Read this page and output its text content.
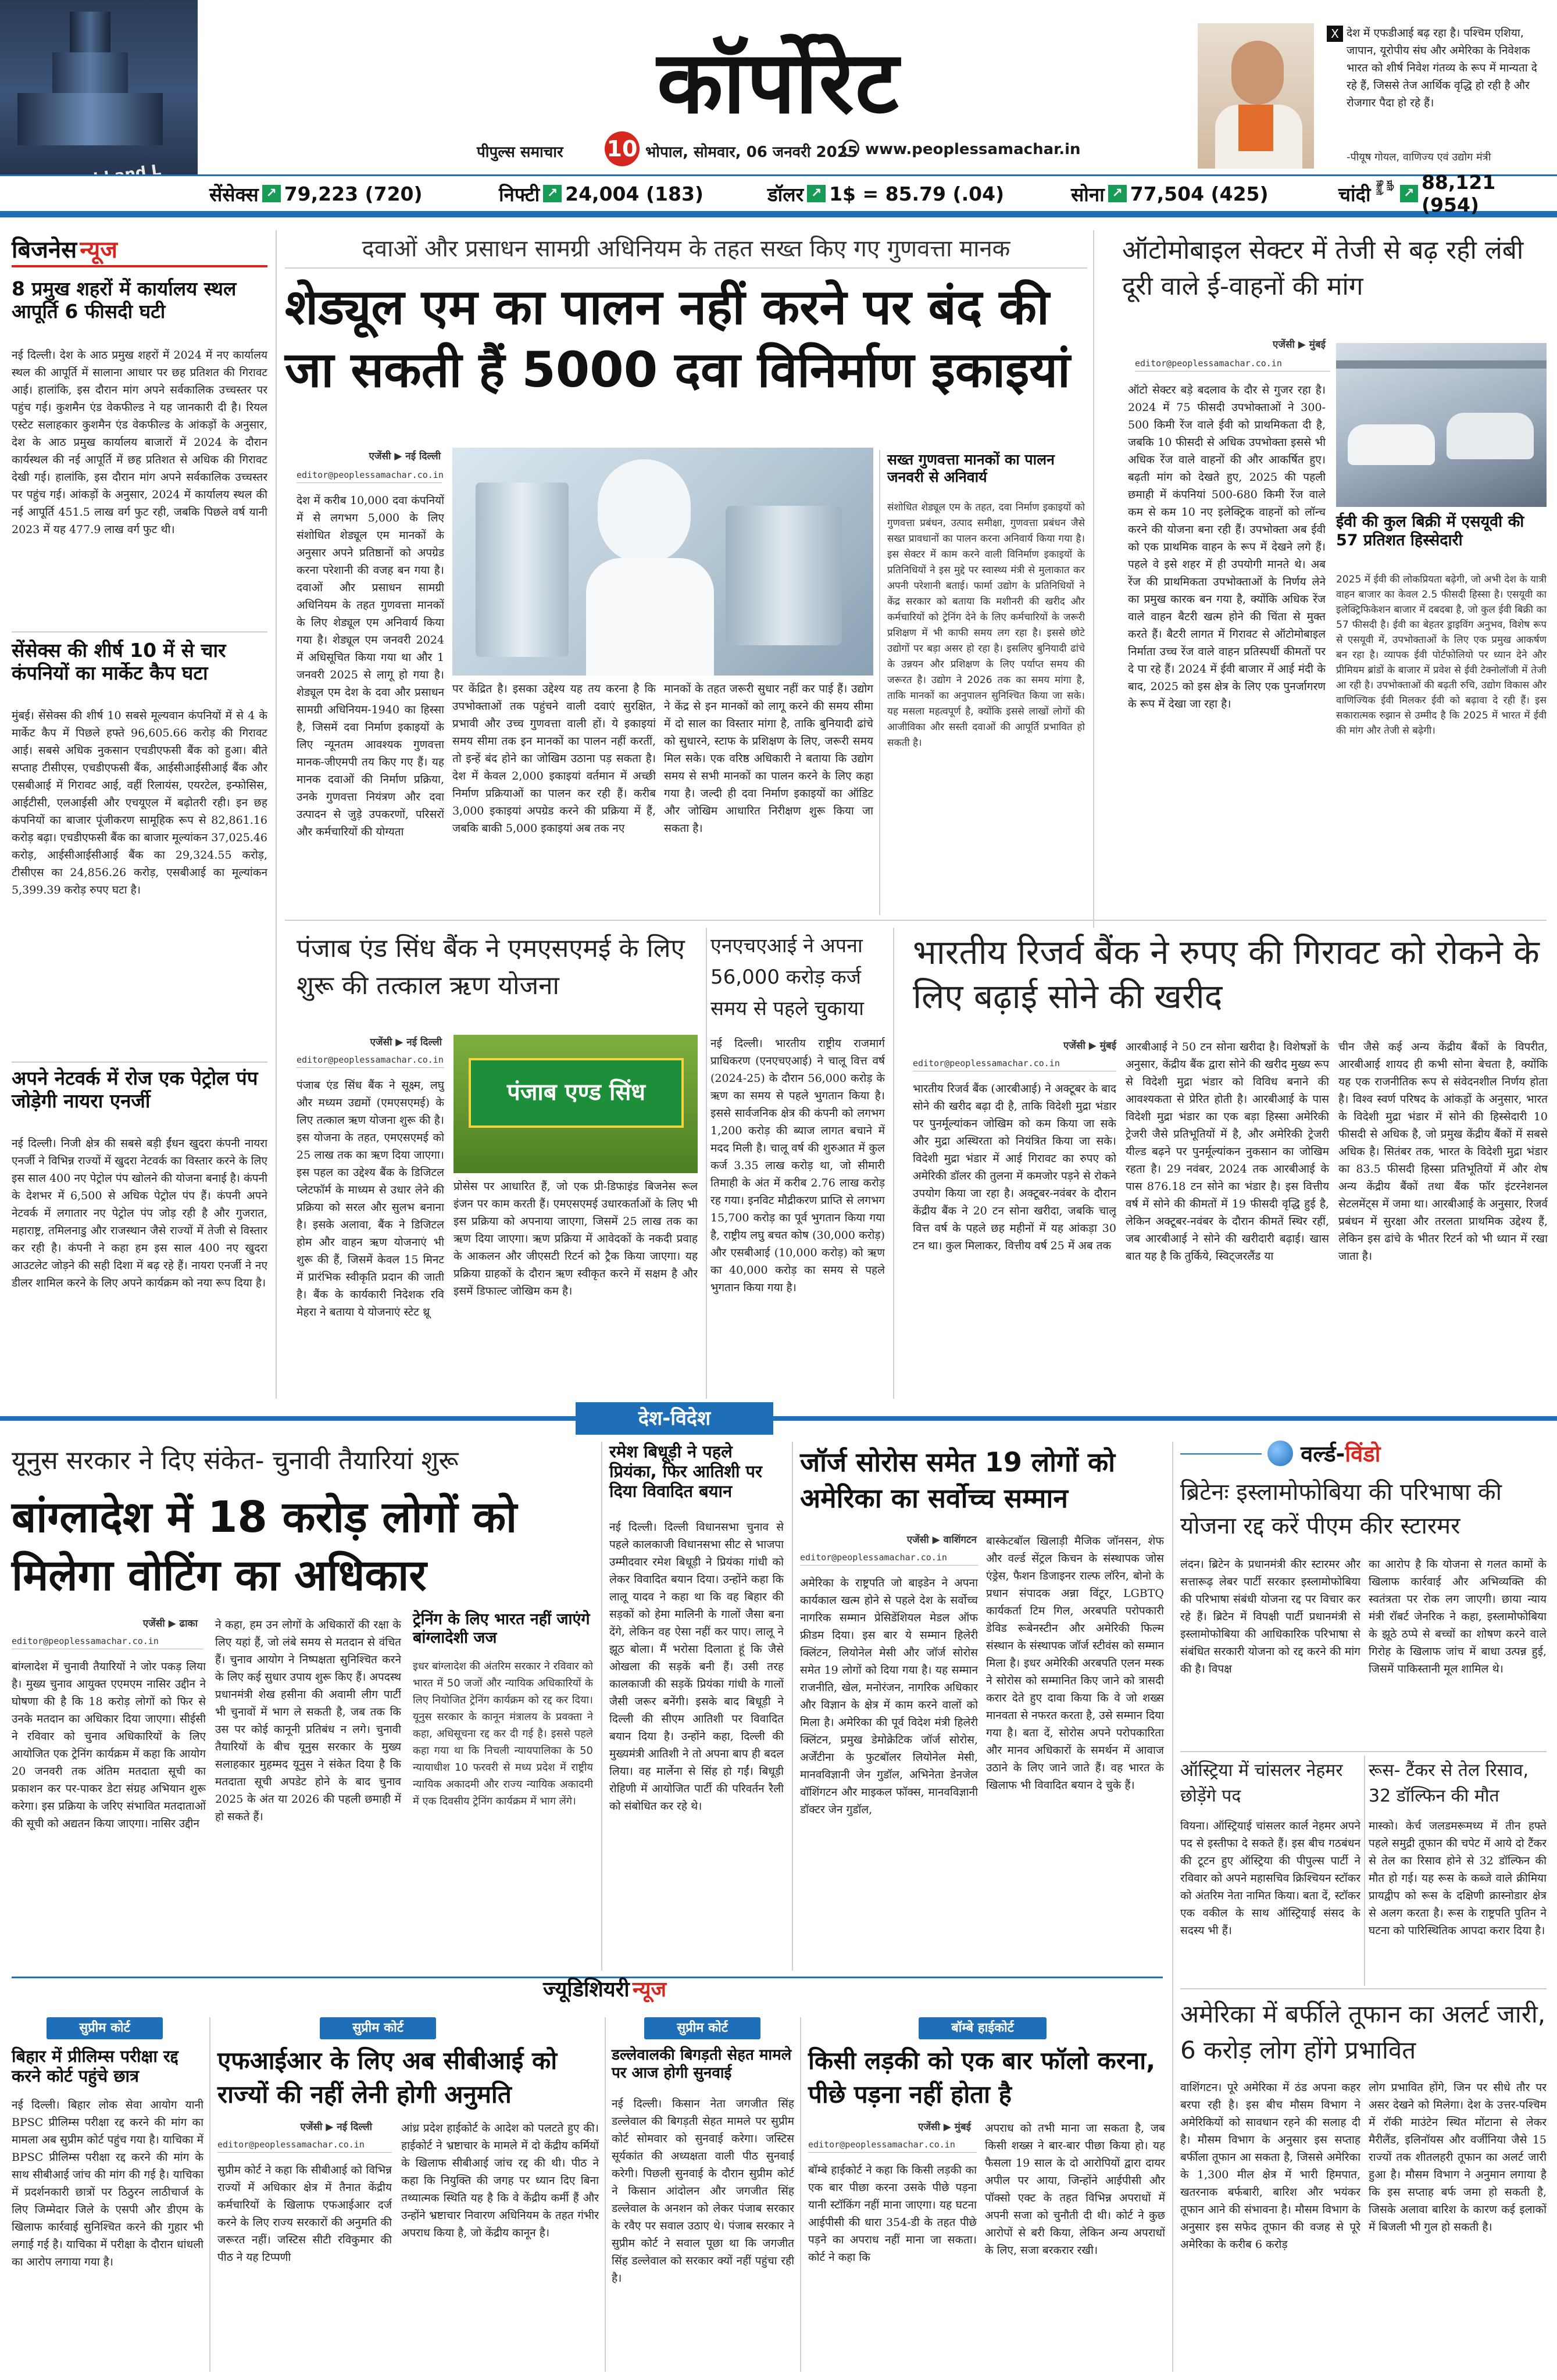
कॉर्पोरेट
पीपुल्स समाचार 10 भोपाल, सोमवार, 06 जनवरी 2025 www.peoplessamachar.in
X देश में एफडीआई बढ़ रहा है। पश्चिम एशिया, जापान, यूरोपीय संघ और अमेरिका के निवेशक भारत को शीर्ष निवेश गंतव्य के रूप में मान्यता दे रहे हैं, जिससे तेज आर्थिक वृद्धि हो रही है और रोजगार पैदा हो रहे हैं।
-पीयूष गोयल, वाणिज्य एवं उद्योग मंत्री
सेंसेक्स ↗ 79,223 (720)	निफ्टी ↗ 24,004 (183)	डॉलर ↗ 1$ = 85.79 (.04)	सोना ↗ 77,504 (425)	चांदी	प्रति किलो	↗ 88,121 (954)
बिजनेस न्यूज
8 प्रमुख शहरों में कार्यालय स्थल आपूर्ति 6 फीसदी घटी
नई दिल्ली। देश के आठ प्रमुख शहरों में 2024 में नए कार्यालय स्थल की आपूर्ति में सालाना आधार पर छह प्रतिशत की गिरावट आई। हालांकि, इस दौरान मांग अपने सर्वकालिक उच्चस्तर पर पहुंच गई। कुशमैन एंड वेकफील्ड ने यह जानकारी दी है। रियल एस्टेट सलाहकार कुशमैन एंड वेकफील्ड के आंकड़ों के अनुसार, देश के आठ प्रमुख कार्यालय बाजारों में 2024 के दौरान कार्यस्थल की नई आपूर्ति में छह प्रतिशत से अधिक की गिरावट देखी गई। हालांकि, इस दौरान मांग अपने सर्वकालिक उच्चस्तर पर पहुंच गई। आंकड़ों के अनुसार, 2024 में कार्यालय स्थल की नई आपूर्ति 451.5 लाख वर्ग फुट रही, जबकि पिछले वर्ष यानी 2023 में यह 477.9 लाख वर्ग फुट थी।
सेंसेक्स की शीर्ष 10 में से चार कंपनियों का मार्केट कैप घटा
मुंबई। सेंसेक्स की शीर्ष 10 सबसे मूल्यवान कंपनियों में से 4 के मार्केट कैप में पिछले हफ्ते 96,605.66 करोड़ की गिरावट आई। सबसे अधिक नुकसान एचडीएफसी बैंक को हुआ। बीते सप्ताह टीसीएस, एचडीएफसी बैंक, आईसीआईसीआई बैंक और एसबीआई में गिरावट आई, वहीं रिलायंस, एयरटेल, इन्फोसिस, आईटीसी, एलआईसी और एचयूएल में बढ़ोतरी रही। इन छह कंपनियों का बाजार पूंजीकरण सामूहिक रूप से 82,861.16 करोड़ बढ़ा। एचडीएफसी बैंक का बाजार मूल्यांकन 37,025.46 करोड़, आईसीआईसीआई बैंक का 29,324.55 करोड़, टीसीएस का 24,856.26 करोड़, एसबीआई का मूल्यांकन 5,399.39 करोड़ रुपए घटा है।
अपने नेटवर्क में रोज एक पेट्रोल पंप जोड़ेगी नायरा एनर्जी
नई दिल्ली। निजी क्षेत्र की सबसे बड़ी ईंधन खुदरा कंपनी नायरा एनर्जी ने विभिन्न राज्यों में खुदरा नेटवर्क का विस्तार करने के लिए इस साल 400 नए पेट्रोल पंप खोलने की योजना बनाई है। कंपनी के देशभर में 6,500 से अधिक पेट्रोल पंप हैं। कंपनी अपने नेटवर्क में लगातार नए पेट्रोल पंप जोड़ रही है और गुजरात, महाराष्ट्र, तमिलनाडु और राजस्थान जैसे राज्यों में तेजी से विस्तार कर रही है। कंपनी ने कहा हम इस साल 400 नए खुदरा आउटलेट जोड़ने की सही दिशा में बढ़ रहे हैं। नायरा एनर्जी ने नए डीलर शामिल करने के लिए अपने कार्यक्रम को नया रूप दिया है।
दवाओं और प्रसाधन सामग्री अधिनियम के तहत सख्त किए गए गुणवत्ता मानक
शेड्यूल एम का पालन नहीं करने पर बंद की जा सकती हैं 5000 दवा विनिर्माण इकाइयां
एजेंसी ▶ नई दिल्ली
editor@peoplessamachar.co.in
देश में करीब 10,000 दवा कंपनियों में से लगभग 5,000 के लिए संशोधित शेड्यूल एम मानकों के अनुसार अपने प्रतिष्ठानों को अपग्रेड करना परेशानी की वजह बन गया है। दवाओं और प्रसाधन सामग्री अधिनियम के तहत गुणवत्ता मानकों के लिए शेड्यूल एम अनिवार्य किया गया है। शेड्यूल एम जनवरी 2024 में अधिसूचित किया गया था और 1 जनवरी 2025 से लागू हो गया है। शेड्यूल एम देश के दवा और प्रसाधन सामग्री अधिनियम-1940 का हिस्सा है, जिसमें दवा निर्माण इकाइयों के लिए न्यूनतम आवश्यक गुणवत्ता मानक-जीएमपी तय किए गए हैं। यह मानक दवाओं की निर्माण प्रक्रिया, उनके गुणवत्ता नियंत्रण और दवा उत्पादन से जुड़े उपकरणों, परिसरों और कर्मचारियों की योग्यता
पर केंद्रित है। इसका उद्देश्य यह तय करना है कि उपभोक्ताओं तक पहुंचने वाली दवाएं सुरक्षित, प्रभावी और उच्च गुणवत्ता वाली हों। ये इकाइयां समय सीमा तक इन मानकों का पालन नहीं करतीं, तो इन्हें बंद होने का जोखिम उठाना पड़ सकता है। देश में केवल 2,000 इकाइयां वर्तमान में अच्छी निर्माण प्रक्रियाओं का पालन कर रही हैं। करीब 3,000 इकाइयां अपग्रेड करने की प्रक्रिया में हैं, जबकि बाकी 5,000 इकाइयां अब तक नए
मानकों के तहत जरूरी सुधार नहीं कर पाई हैं। उद्योग ने केंद्र से इन मानकों को लागू करने की समय सीमा में दो साल का विस्तार मांगा है, ताकि बुनियादी ढांचे को सुधारने, स्टाफ के प्रशिक्षण के लिए, जरूरी समय मिल सके। एक वरिष्ठ अधिकारी ने बताया कि उद्योग समय से सभी मानकों का पालन करने के लिए कहा गया है। जल्दी ही दवा निर्माण इकाइयों का ऑडिट और जोखिम आधारित निरीक्षण शुरू किया जा सकता है।
सख्त गुणवत्ता मानकों का पालन जनवरी से अनिवार्य
संशोधित शेड्यूल एम के तहत, दवा निर्माण इकाइयों को गुणवत्ता प्रबंधन, उत्पाद समीक्षा, गुणवत्ता प्रबंधन जैसे सख्त प्रावधानों का पालन करना अनिवार्य किया गया है। इस सेक्टर में काम करने वाली विनिर्माण इकाइयों के प्रतिनिधियों ने इस मुद्दे पर स्वास्थ्य मंत्री से मुलाकात कर अपनी परेशानी बताई। फार्मा उद्योग के प्रतिनिधियों ने केंद्र सरकार को बताया कि मशीनरी की खरीद और कर्मचारियों को ट्रेनिंग देने के लिए कर्मचारियों के जरूरी प्रशिक्षण में भी काफी समय लग रहा है। इससे छोटे उद्योगों पर बड़ा असर हो रहा है। इसलिए बुनियादी ढांचे के उन्नयन और प्रशिक्षण के लिए पर्याप्त समय की जरूरत है। उद्योग ने 2026 तक का समय मांगा है, ताकि मानकों का अनुपालन सुनिश्चित किया जा सके। यह मसला महत्वपूर्ण है, क्योंकि इससे लाखों लोगों की आजीविका और सस्ती दवाओं की आपूर्ति प्रभावित हो सकती है।
ऑटोमोबाइल सेक्टर में तेजी से बढ़ रही लंबी दूरी वाले ई-वाहनों की मांग
एजेंसी ▶ मुंबई
editor@peoplessamachar.co.in
ऑटो सेक्टर बड़े बदलाव के दौर से गुजर रहा है। 2024 में 75 फीसदी उपभोक्ताओं ने 300-500 किमी रेंज वाले ईवी को प्राथमिकता दी है, जबकि 10 फीसदी से अधिक उपभोक्ता इससे भी अधिक रेंज वाले वाहनों की और आकर्षित हुए। बढ़ती मांग को देखते हुए, 2025 की पहली छमाही में कंपनियां 500-680 किमी रेंज वाले कम से कम 10 नए इलेक्ट्रिक वाहनों को लॉन्च करने की योजना बना रही हैं। उपभोक्ता अब ईवी को एक प्राथमिक वाहन के रूप में देखने लगे हैं। पहले वे इसे शहर में ही उपयोगी मानते थे। अब रेंज की प्राथमिकता उपभोक्ताओं के निर्णय लेने का प्रमुख कारक बन गया है, क्योंकि अधिक रेंज वाले वाहन बैटरी खत्म होने की चिंता से मुक्त करते हैं। बैटरी लागत में गिरावट से ऑटोमोबाइल निर्माता उच्च रेंज वाले वाहन प्रतिस्पर्धी कीमतों पर दे पा रहे हैं। 2024 में ईवी बाजार में आई मंदी के बाद, 2025 को इस क्षेत्र के लिए एक पुनर्जागरण के रूप में देखा जा रहा है।
ईवी की कुल बिक्री में एसयूवी की 57 प्रतिशत हिस्सेदारी
2025 में ईवी की लोकप्रियता बढ़ेगी, जो अभी देश के यात्री वाहन बाजार का केवल 2.5 फीसदी हिस्सा है। एसयूवी का इलेक्ट्रिफिकेशन बाजार में दबदबा है, जो कुल ईवी बिक्री का 57 फीसदी है। ईवी का बेहतर ड्राइविंग अनुभव, विशेष रूप से एसयूवी में, उपभोक्ताओं के लिए एक प्रमुख आकर्षण बन रहा है। व्यापक ईवी पोर्टफोलियो पर ध्यान देने और प्रीमियम ब्रांडों के बाजार में प्रवेश से ईवी टेक्नोलॉजी में तेजी आ रही है। उपभोक्ताओं की बढ़ती रुचि, उद्योग विकास और वाणिज्यिक ईवी मिलकर ईवी को बढ़ावा दे रही हैं। इस सकारात्मक रुझान से उम्मीद है कि 2025 में भारत में ईवी की मांग और तेजी से बढ़ेगी।
पंजाब एंड सिंध बैंक ने एमएसएमई के लिए शुरू की तत्काल ऋण योजना
एजेंसी ▶ नई दिल्ली
editor@peoplessamachar.co.in
पंजाब एंड सिंध बैंक ने सूक्ष्म, लघु और मध्यम उद्यमों (एमएसएमई) के लिए तत्काल ऋण योजना शुरू की है। इस योजना के तहत, एमएसएमई को 25 लाख तक का ऋण दिया जाएगा। इस पहल का उद्देश्य बैंक के डिजिटल प्लेटफॉर्म के माध्यम से उधार लेने की प्रक्रिया को सरल और सुलभ बनाना है। इसके अलावा, बैंक ने डिजिटल होम और वाहन ऋण योजनाएं भी शुरू की हैं, जिसमें केवल 15 मिनट में प्रारंभिक स्वीकृति प्रदान की जाती है। बैंक के कार्यकारी निदेशक रवि मेहरा ने बताया ये योजनाएं स्टेट थ्रू
पंजाब एण्ड सिंध
प्रोसेस पर आधारित हैं, जो एक प्री-डिफाइंड बिजनेस रूल इंजन पर काम करती हैं। एमएसएमई उधारकर्ताओं के लिए भी इस प्रक्रिया को अपनाया जाएगा, जिसमें 25 लाख तक का ऋण दिया जाएगा। ऋण प्रक्रिया में आवेदकों के नकदी प्रवाह के आकलन और जीएसटी रिटर्न को ट्रैक किया जाएगा। यह प्रक्रिया ग्राहकों के दौरान ऋण स्वीकृत करने में सक्षम है और इसमें डिफाल्ट जोखिम कम है।
एनएचएआई ने अपना 56,000 करोड़ कर्ज समय से पहले चुकाया
नई दिल्ली। भारतीय राष्ट्रीय राजमार्ग प्राधिकरण (एनएचएआई) ने चालू वित्त वर्ष (2024-25) के दौरान 56,000 करोड़ के ऋण का समय से पहले भुगतान किया है। इससे सार्वजनिक क्षेत्र की कंपनी को लगभग 1,200 करोड़ की ब्याज लागत बचाने में मदद मिली है। चालू वर्ष की शुरुआत में कुल कर्ज 3.35 लाख करोड़ था, जो सीमारी तिमाही के अंत में करीब 2.76 लाख करोड़ रह गया। इनविट मौद्रीकरण प्राप्ति से लगभग 15,700 करोड़ का पूर्व भुगतान किया गया है, राष्ट्रीय लघु बचत कोष (30,000 करोड़) और एसबीआई (10,000 करोड़) को ऋण का 40,000 करोड़ का समय से पहले भुगतान किया गया है।
भारतीय रिजर्व बैंक ने रुपए की गिरावट को रोकने के लिए बढ़ाई सोने की खरीद
एजेंसी ▶ मुंबई
editor@peoplessamachar.co.in
भारतीय रिजर्व बैंक (आरबीआई) ने अक्टूबर के बाद सोने की खरीद बढ़ा दी है, ताकि विदेशी मुद्रा भंडार पर पुनर्मूल्यांकन जोखिम को कम किया जा सके और मुद्रा अस्थिरता को नियंत्रित किया जा सके। विदेशी मुद्रा भंडार में आई गिरावट का रुपए को अमेरिकी डॉलर की तुलना में कमजोर पड़ने से रोकने उपयोग किया जा रहा है। अक्टूबर-नवंबर के दौरान केंद्रीय बैंक ने 20 टन सोना खरीदा, जबकि चालू वित्त वर्ष के पहले छह महीनों में यह आंकड़ा 30 टन था। कुल मिलाकर, वित्तीय वर्ष 25 में अब तक
आरबीआई ने 50 टन सोना खरीदा है। विशेषज्ञों के अनुसार, केंद्रीय बैंक द्वारा सोने की खरीद मुख्य रूप से विदेशी मुद्रा भंडार को विविध बनाने की आवश्यकता से प्रेरित होती है। आरबीआई के पास विदेशी मुद्रा भंडार का एक बड़ा हिस्सा अमेरिकी ट्रेजरी जैसे प्रतिभूतियों में है, और अमेरिकी ट्रेजरी यील्ड बढ़ने पर पुनर्मूल्यांकन नुकसान का जोखिम रहता है। 29 नवंबर, 2024 तक आरबीआई के पास 876.18 टन सोने का भंडार है। इस वित्तीय वर्ष में सोने की कीमतों में 19 फीसदी वृद्धि हुई है, लेकिन अक्टूबर-नवंबर के दौरान कीमतें स्थिर रहीं, जब आरबीआई ने सोने की खरीदारी बढ़ाई। खास बात यह है कि तुर्किये, स्विट्जरलैंड या
चीन जैसे कई अन्य केंद्रीय बैंकों के विपरीत, आरबीआई शायद ही कभी सोना बेचता है, क्योंकि यह एक राजनीतिक रूप से संवेदनशील निर्णय होता है। विश्व स्वर्ण परिषद के आंकड़ों के अनुसार, भारत के विदेशी मुद्रा भंडार में सोने की हिस्सेदारी 10 फीसदी से अधिक है, जो प्रमुख केंद्रीय बैंकों में सबसे अधिक है। सितंबर तक, भारत के विदेशी मुद्रा भंडार का 83.5 फीसदी हिस्सा प्रतिभूतियों में और शेष अन्य केंद्रीय बैंकों तथा बैंक फॉर इंटरनेशनल सेटलमेंट्स में जमा था। आरबीआई के अनुसार, रिजर्व प्रबंधन में सुरक्षा और तरलता प्राथमिक उद्देश्य हैं, लेकिन इस ढांचे के भीतर रिटर्न को भी ध्यान में रखा जाता है।
देश-विदेश
यूनुस सरकार ने दिए संकेत- चुनावी तैयारियां शुरू
बांग्लादेश में 18 करोड़ लोगों को मिलेगा वोटिंग का अधिकार
एजेंसी ▶ ढाका
editor@peoplessamachar.co.in
बांग्लादेश में चुनावी तैयारियों ने जोर पकड़ लिया है। मुख्य चुनाव आयुक्त एएमएम नासिर उद्दीन ने घोषणा की है कि 18 करोड़ लोगों को फिर से उनके मतदान का अधिकार दिया जाएगा। सीईसी ने रविवार को चुनाव अधिकारियों के लिए आयोजित एक ट्रेनिंग कार्यक्रम में कहा कि आयोग 20 जनवरी तक अंतिम मतदाता सूची का प्रकाशन कर पर-पाकर डेटा संग्रह अभियान शुरू करेगा। इस प्रक्रिया के जरिए संभावित मतदाताओं की सूची को अद्यतन किया जाएगा। नासिर उद्दीन
ने कहा, हम उन लोगों के अधिकारों की रक्षा के लिए यहां हैं, जो लंबे समय से मतदान से वंचित हैं। चुनाव आयोग ने निष्पक्षता सुनिश्चित करने के लिए कई सुधार उपाय शुरू किए हैं। अपदस्थ प्रधानमंत्री शेख हसीना की अवामी लीग पार्टी भी चुनावों में भाग ले सकती है, जब तक कि उस पर कोई कानूनी प्रतिबंध न लगे। चुनावी तैयारियों के बीच यूनुस सरकार के मुख्य सलाहकार मुहम्मद यूनुस ने संकेत दिया है कि मतदाता सूची अपडेट होने के बाद चुनाव 2025 के अंत या 2026 की पहली छमाही में हो सकते हैं।
ट्रेनिंग के लिए भारत नहीं जाएंगे बांग्लादेशी जज
इधर बांग्लादेश की अंतरिम सरकार ने रविवार को भारत में 50 जजों और न्यायिक अधिकारियों के लिए नियोजित ट्रेनिंग कार्यक्रम को रद्द कर दिया। यूनुस सरकार के कानून मंत्रालय के प्रवक्ता ने कहा, अधिसूचना रद्द कर दी गई है। इससे पहले कहा गया था कि निचली न्यायपालिका के 50 न्यायाधीश 10 फरवरी से मध्य प्रदेश में राष्ट्रीय न्यायिक अकादमी और राज्य न्यायिक अकादमी में एक दिवसीय ट्रेनिंग कार्यक्रम में भाग लेंगे।
रमेश बिधूड़ी ने पहले प्रियंका, फिर आतिशी पर दिया विवादित बयान
नई दिल्ली। दिल्ली विधानसभा चुनाव से पहले कालकाजी विधानसभा सीट से भाजपा उम्मीदवार रमेश बिधूड़ी ने प्रियंका गांधी को लेकर विवादित बयान दिया। उन्होंने कहा कि लालू यादव ने कहा था कि वह बिहार की सड़कों को हेमा मालिनी के गालों जैसा बना देंगे, लेकिन वह ऐसा नहीं कर पाए। लालू ने झूठ बोला। मैं भरोसा दिलाता हूं कि जैसे ओखला की सड़कें बनी हैं। उसी तरह कालकाजी की सड़कें प्रियंका गांधी के गालों जैसी जरूर बनेंगी। इसके बाद बिधूड़ी ने दिल्ली की सीएम आतिशी पर विवादित बयान दिया है। उन्होंने कहा, दिल्ली की मुख्यमंत्री आतिशी ने तो अपना बाप ही बदल लिया। वह मार्लेना से सिंह हो गईं। बिधूड़ी रोहिणी में आयोजित पार्टी की परिवर्तन रैली को संबोधित कर रहे थे।
जॉर्ज सोरोस समेत 19 लोगों को अमेरिका का सर्वोच्च सम्मान
एजेंसी ▶ वाशिंगटन
editor@peoplessamachar.co.in
अमेरिका के राष्ट्रपति जो बाइडेन ने अपना कार्यकाल खत्म होने से पहले देश के सर्वोच्च नागरिक सम्मान प्रेसिडेंशियल मेडल ऑफ फ्रीडम दिया। इस बार ये सम्मान हिलेरी क्लिंटन, लियोनेल मेसी और जॉर्ज सोरोस समेत 19 लोगों को दिया गया है। यह सम्मान राजनीति, खेल, मनोरंजन, नागरिक अधिकार और विज्ञान के क्षेत्र में काम करने वालों को मिला है। अमेरिका की पूर्व विदेश मंत्री हिलेरी क्लिंटन, प्रमुख डेमोक्रेटिक जॉर्ज सोरोस, अर्जेंटीना के फुटबॉलर लियोनेल मेसी, मानवविज्ञानी जेन गुडॉल, अभिनेता डेनजेल वॉशिंगटन और माइकल फॉक्स, मानवविज्ञानी डॉक्टर जेन गुडॉल,
बास्केटबॉल खिलाड़ी मैजिक जॉनसन, शेफ और वर्ल्ड सेंट्रल किचन के संस्थापक जोस एंड्रेस, फैशन डिजाइनर राल्फ लॉरेन, बोनो के प्रधान संपादक अन्ना विंटूर, LGBTQ कार्यकर्ता टिम गिल, अरबपति परोपकारी डेविड रूबेनस्टीन और अमेरिकी फिल्म संस्थान के संस्थापक जॉर्ज स्टीवंस को सम्मान मिला है। इधर अमेरिकी अरबपति एलन मस्क ने सोरोस को सम्मानित किए जाने को त्रासदी करार देते हुए दावा किया कि वे जो शख्स मानवता से नफरत करता है, उसे सम्मान दिया गया है। बता दें, सोरोस अपने परोपकारिता और मानव अधिकारों के समर्थन में आवाज उठाने के लिए जाने जाते हैं। वह भारत के खिलाफ भी विवादित बयान दे चुके हैं।
वर्ल्ड-विंडो
ब्रिटेनः इस्लामोफोबिया की परिभाषा की योजना रद्द करें पीएम कीर स्टारमर
लंदन। ब्रिटेन के प्रधानमंत्री कीर स्टारमर और सत्तारूढ़ लेबर पार्टी सरकार इस्लामोफोबिया की परिभाषा संबंधी योजना रद्द पर विचार कर रहे हैं। ब्रिटेन में विपक्षी पार्टी प्रधानमंत्री से इस्लामोफोबिया की आधिकारिक परिभाषा से संबंधित सरकारी योजना को रद्द करने की मांग की है। विपक्ष
का आरोप है कि योजना से गलत कामों के खिलाफ कार्रवाई और अभिव्यक्ति की स्वतंत्रता पर रोक लग जाएगी। छाया न्याय मंत्री रॉबर्ट जेनरिक ने कहा, इस्लामोफोबिया के झूठे ठप्पे से बच्चों का शोषण करने वाले गिरोह के खिलाफ जांच में बाधा उत्पन्न हुई, जिसमें पाकिस्तानी मूल शामिल थे।
ऑस्ट्रिया में चांसलर नेहमर छोड़ेंगे पद
वियना। ऑस्ट्रियाई चांसलर कार्ल नेहमर अपने पद से इस्तीफा दे सकते हैं। इस बीच गठबंधन की टूटन हुए ऑस्ट्रिया की पीपुल्स पार्टी ने रविवार को अपने महासचिव क्रिश्चियन स्टॉकर को अंतरिम नेता नामित किया। बता दें, स्टॉकर एक वकील के साथ ऑस्ट्रियाई संसद के सदस्य भी हैं।
रूस- टैंकर से तेल रिसाव, 32 डॉल्फिन की मौत
मास्को। केर्च जलडमरूमध्य में तीन हफ्ते पहले समुद्री तूफान की चपेट में आये दो टैंकर से तेल का रिसाव होने से 32 डॉल्फिन की मौत हो गई। यह रूस के कब्जे वाले क्रीमिया प्रायद्वीप को रूस के दक्षिणी क्रास्नोडार क्षेत्र से अलग करता है। रूस के राष्ट्रपति पुतिन ने घटना को पारिस्थितिक आपदा करार दिया है।
अमेरिका में बर्फीले तूफान का अलर्ट जारी, 6 करोड़ लोग होंगे प्रभावित
वाशिंगटन। पूरे अमेरिका में ठंड अपना कहर बरपा रही है। इस बीच मौसम विभाग ने अमेरिकियों को सावधान रहने की सलाह दी है। मौसम विभाग के अनुसार इस सप्ताह बर्फीला तूफान आ सकता है, जिससे अमेरिका के 1,300 मील क्षेत्र में भारी हिमपात, खतरनाक बर्फबारी, बारिश और भयंकर तूफान आने की संभावना है। मौसम विभाग के अनुसार इस सफेद तूफान की वजह से पूरे अमेरिका के करीब 6 करोड़
लोग प्रभावित होंगे, जिन पर सीधे तौर पर असर देखने को मिलेगा। देश के उत्तर-पश्चिम में रॉकी माउंटेन स्थित मोंटाना से लेकर मैरीलैंड, इलिनॉयस और वर्जीनिया जैसे 15 राज्यों तक शीतलहरी तूफान का अलर्ट जारी हुआ है। मौसम विभाग ने अनुमान लगाया है कि इस सप्ताह बर्फ जमा हो सकती है, जिसके अलावा बारिश के कारण कई इलाकों में बिजली भी गुल हो सकती है।
ज्यूडिशियरी न्यूज
सुप्रीम कोर्ट
बिहार में प्रीलिम्स परीक्षा रद्द करने कोर्ट पहुंचे छात्र
नई दिल्ली। बिहार लोक सेवा आयोग यानी BPSC प्रीलिम्स परीक्षा रद्द करने की मांग का मामला अब सुप्रीम कोर्ट पहुंच गया है। याचिका में BPSC प्रीलिम्स परीक्षा रद्द करने की मांग के साथ सीबीआई जांच की मांग की गई है। याचिका में प्रदर्शनकारी छात्रों पर ठिठुरन लाठीचार्ज के लिए जिम्मेदार जिले के एसपी और डीएम के खिलाफ कार्रवाई सुनिश्चित करने की गुहार भी लगाई गई है। याचिका में परीक्षा के दौरान धांधली का आरोप लगाया गया है।
सुप्रीम कोर्ट
एफआईआर के लिए अब सीबीआई को राज्यों की नहीं लेनी होगी अनुमति
एजेंसी ▶ नई दिल्ली
editor@peoplessamachar.co.in
सुप्रीम कोर्ट ने कहा कि सीबीआई को विभिन्न राज्यों में अधिकार क्षेत्र में तैनात केंद्रीय कर्मचारियों के खिलाफ एफआईआर दर्ज करने के लिए राज्य सरकारों की अनुमति की जरूरत नहीं। जस्टिस सीटी रविकुमार की पीठ ने यह टिप्पणी
आंध्र प्रदेश हाईकोर्ट के आदेश को पलटते हुए की। हाईकोर्ट ने भ्रष्टाचार के मामले में दो केंद्रीय कर्मियों के खिलाफ सीबीआई जांच रद्द की थी। पीठ ने कहा कि नियुक्ति की जगह पर ध्यान दिए बिना तथ्यात्मक स्थिति यह है कि वे केंद्रीय कर्मी हैं और उन्होंने भ्रष्टाचार निवारण अधिनियम के तहत गंभीर अपराध किया है, जो केंद्रीय कानून है।
सुप्रीम कोर्ट
डल्लेवालकी बिगड़ती सेहत मामले पर आज होगी सुनवाई
नई दिल्ली। किसान नेता जगजीत सिंह डल्लेवाल की बिगड़ती सेहत मामले पर सुप्रीम कोर्ट सोमवार को सुनवाई करेगा। जस्टिस सूर्यकांत की अध्यक्षता वाली पीठ सुनवाई करेगी। पिछली सुनवाई के दौरान सुप्रीम कोर्ट ने किसान आंदोलन और जगजीत सिंह डल्लेवाल के अनशन को लेकर पंजाब सरकार के रवैए पर सवाल उठाए थे। पंजाब सरकार ने सुप्रीम कोर्ट ने सवाल पूछा था कि जगजीत सिंह डल्लेवाल को सरकार क्यों नहीं पहुंचा रही है।
बॉम्बे हाईकोर्ट
किसी लड़की को एक बार फॉलो करना, पीछे पड़ना नहीं होता है
एजेंसी ▶ मुंबई
editor@peoplessamachar.co.in
बॉम्बे हाईकोर्ट ने कहा कि किसी लड़की का एक बार पीछा करना उसके पीछे पड़ना यानी स्टॉकिंग नहीं माना जाएगा। यह घटना आईपीसी की धारा 354-डी के तहत पीछे पड़ने का अपराध नहीं माना जा सकता। कोर्ट ने कहा कि
अपराध को तभी माना जा सकता है, जब किसी शख्स ने बार-बार पीछा किया हो। यह फैसला 19 साल के दो आरोपियों द्वारा दायर अपील पर आया, जिन्होंने आईपीसी और पॉक्सो एक्ट के तहत विभिन्न अपराधों में अपनी सजा को चुनौती दी थी। कोर्ट ने कुछ आरोपों से बरी किया, लेकिन अन्य अपराधों के लिए, सजा बरकरार रखी।
